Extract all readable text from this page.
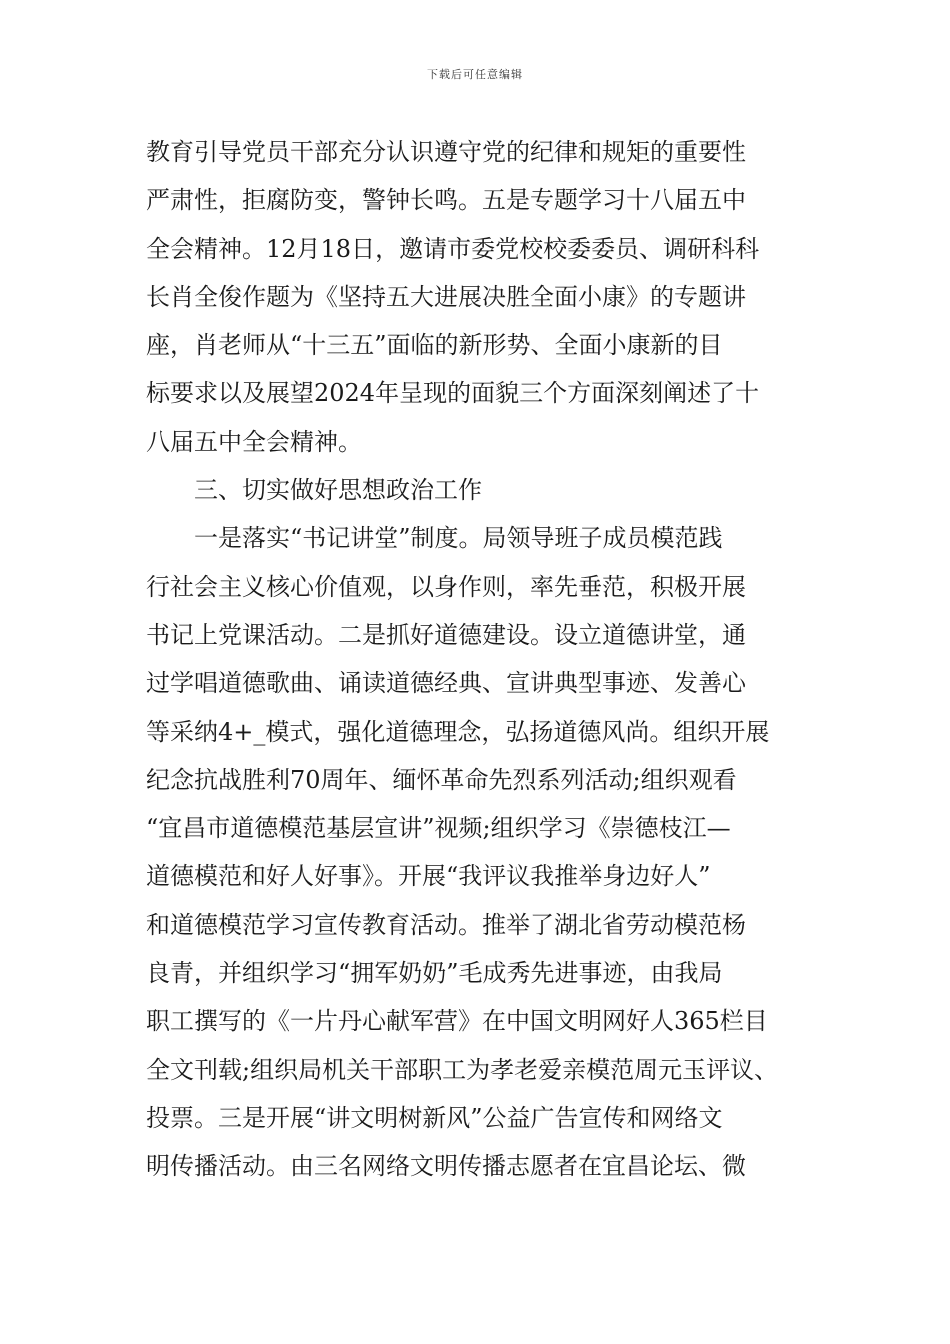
下载后可任意编辑
教育引导党员干部充分认识遵守党的纪律和规矩的重要性
严肃性，拒腐防变，警钟长鸣。五是专题学习十八届五中
全会精神。12月18日，邀请市委党校校委委员、调研科科
长肖全俊作题为《坚持五大进展决胜全面小康》的专题讲
座，肖老师从“十三五”面临的新形势、全面小康新的目
标要求以及展望2024年呈现的面貌三个方面深刻阐述了十
八届五中全会精神。
三、切实做好思想政治工作
一是落实“书记讲堂”制度。局领导班子成员模范践
行社会主义核心价值观，以身作则，率先垂范，积极开展
书记上党课活动。二是抓好道德建设。设立道德讲堂，通
过学唱道德歌曲、诵读道德经典、宣讲典型事迹、发善心
等采纳4+_模式，强化道德理念，弘扬道德风尚。组织开展
纪念抗战胜利70周年、缅怀革命先烈系列活动;组织观看
“宜昌市道德模范基层宣讲”视频;组织学习《崇德枝江—
道德模范和好人好事》。开展“我评议我推举身边好人”
和道德模范学习宣传教育活动。推举了湖北省劳动模范杨
良青，并组织学习“拥军奶奶”毛成秀先进事迹，由我局
职工撰写的《一片丹心献军营》在中国文明网好人365栏目
全文刊载;组织局机关干部职工为孝老爱亲模范周元玉评议、
投票。三是开展“讲文明树新风”公益广告宣传和网络文
明传播活动。由三名网络文明传播志愿者在宜昌论坛、微
